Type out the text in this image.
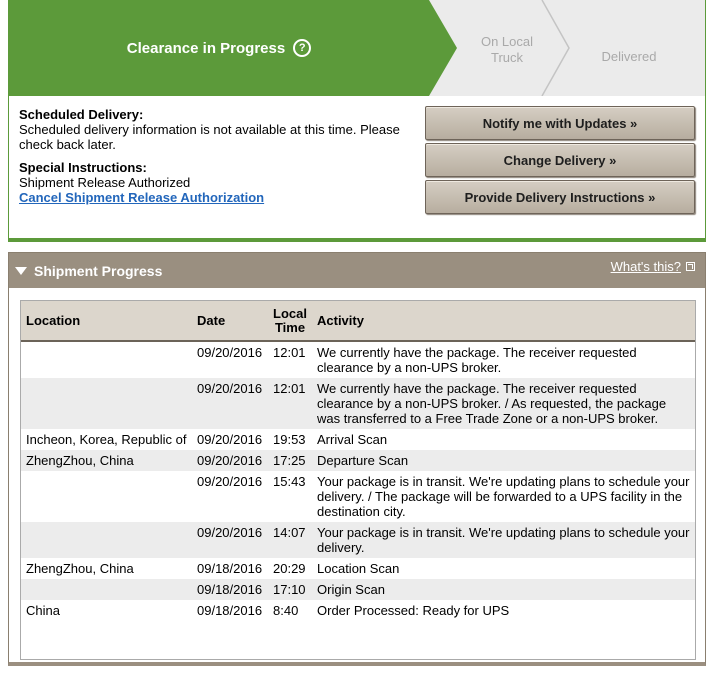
Clearance in Progress	?	On Local
Truck	Delivered
Scheduled Delivery:

Scheduled delivery information is not available at this time. Please check back later.

Special Instructions:

Shipment Release Authorized

Cancel Shipment Release Authorization

Notify me with Updates »
Change Delivery »
Provide Delivery Instructions »
Shipment Progress	What's this?
Location	Date	Local Time	Activity
	09/20/2016	12:01	We currently have the package. The receiver requested clearance by a non-UPS broker.
	09/20/2016	12:01	We currently have the package. The receiver requested clearance by a non-UPS broker. / As requested, the package was transferred to a Free Trade Zone or a non-UPS broker.
Incheon, Korea, Republic of	09/20/2016	19:53	Arrival Scan
ZhengZhou, China	09/20/2016	17:25	Departure Scan
	09/20/2016	15:43	Your package is in transit. We're updating plans to schedule your delivery. / The package will be forwarded to a UPS facility in the destination city.
	09/20/2016	14:07	Your package is in transit. We're updating plans to schedule your delivery.
ZhengZhou, China	09/18/2016	20:29	Location Scan
	09/18/2016	17:10	Origin Scan
China	09/18/2016	8:40	Order Processed: Ready for UPS
